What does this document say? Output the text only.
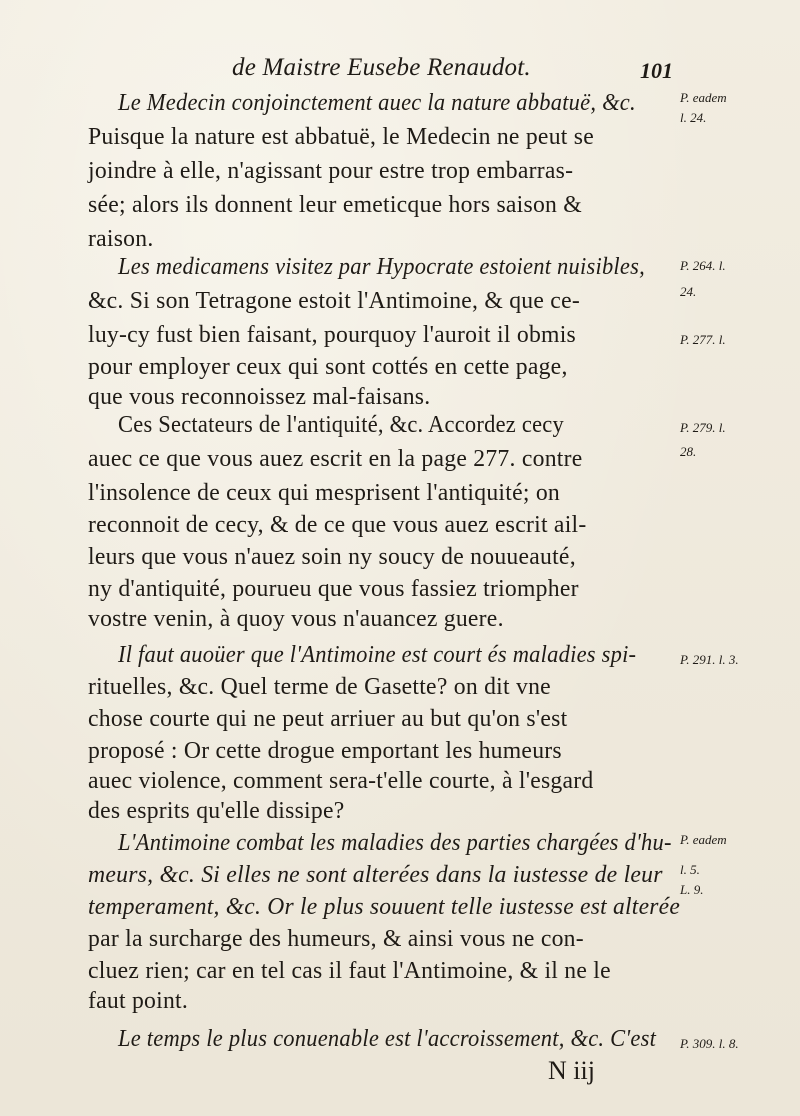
de Maistre Eusebe Renaudot.	101
Le Medecin conjoinctement auec la nature abbatuë, &c.
Puisque la nature est abbatuë, le Medecin ne peut se
joindre à elle, n'agissant pour estre trop embarras-
sée; alors ils donnent leur emeticque hors saison &
raison.
Les medicamens visitez par Hypocrate estoient nuisibles,
&c. Si son Tetragone estoit l'Antimoine, & que ce-
luy-cy fust bien faisant, pourquoy l'auroit il obmis
pour employer ceux qui sont cottés en cette page,
que vous reconnoissez mal-faisans.
Ces Sectateurs de l'antiquité, &c. Accordez cecy
auec ce que vous auez escrit en la page 277. contre
l'insolence de ceux qui mesprisent l'antiquité; on
reconnoit de cecy, & de ce que vous auez escrit ail-
leurs que vous n'auez soin ny soucy de nouueauté,
ny d'antiquité, pourueu que vous fassiez triompher
vostre venin, à quoy vous n'auancez guere.
Il faut auoüer que l'Antimoine est court és maladies spi-
rituelles, &c. Quel terme de Gasette? on dit vne
chose courte qui ne peut arriuer au but qu'on s'est
proposé : Or cette drogue emportant les humeurs
auec violence, comment sera-t'elle courte, à l'esgard
des esprits qu'elle dissipe?
L'Antimoine combat les maladies des parties chargées d'hu-
meurs, &c. Si elles ne sont alterées dans la iustesse de leur
temperament, &c. Or le plus souuent telle iustesse est alterée
par la surcharge des humeurs, & ainsi vous ne con-
cluez rien; car en tel cas il faut l'Antimoine, & il ne le
faut point.
Le temps le plus conuenable est l'accroissement, &c. C'est
P. eadem
l. 24.
P. 264. l.
24.
P. 277. l.
P. 279. l.
28.
P. 291. l. 3.
P. eadem
l. 5.
L. 9.
P. 309. l. 8.
N iij
